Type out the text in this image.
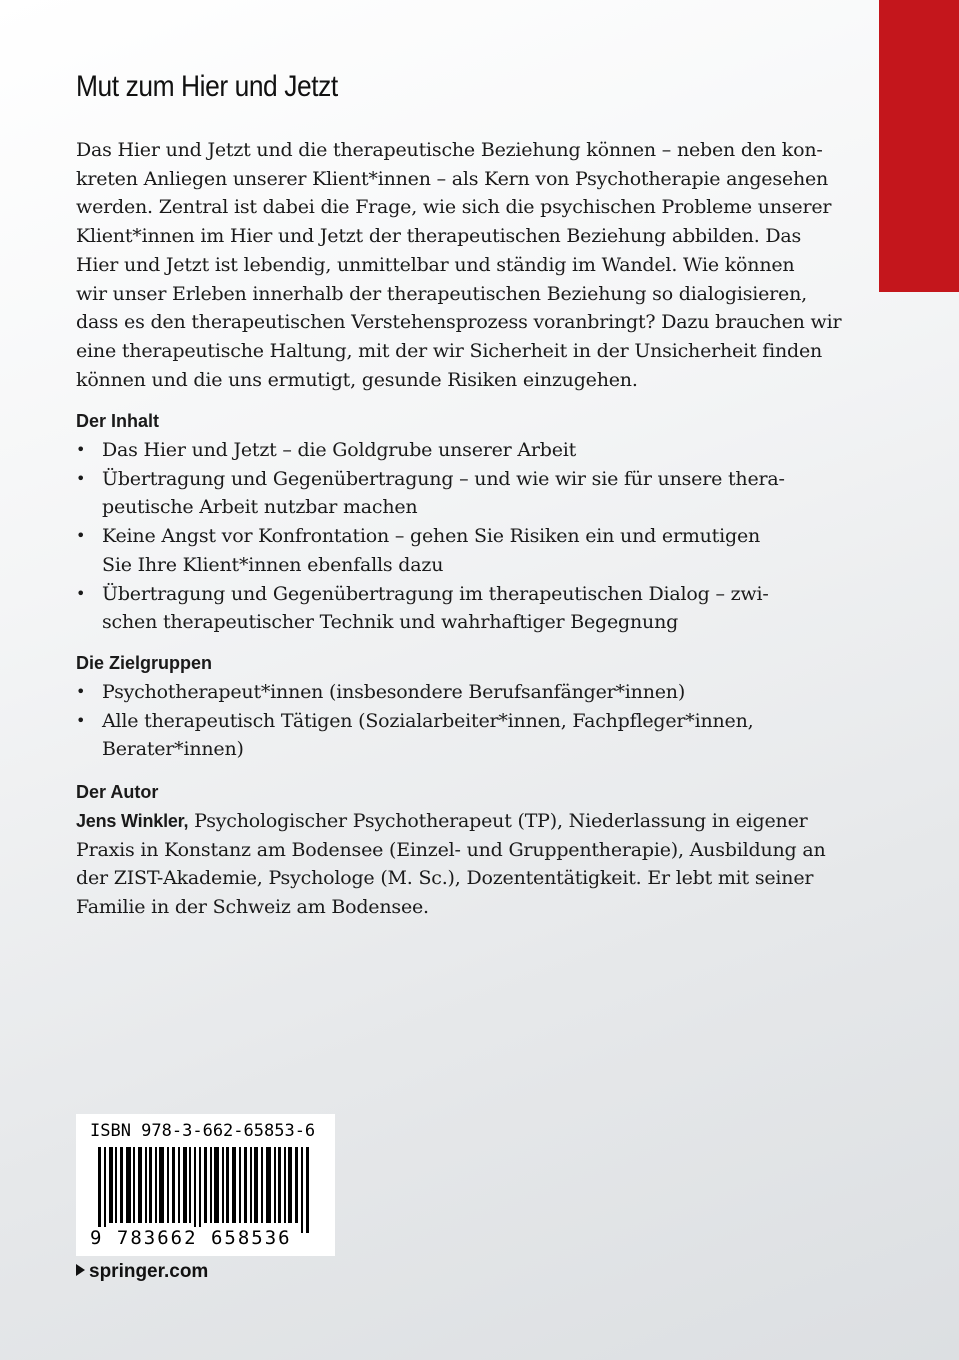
Mut zum Hier und Jetzt

Das Hier und Jetzt und die therapeutische Beziehung können – neben den kon-
kreten Anliegen unserer Klient*innen – als Kern von Psychotherapie angesehen
werden. Zentral ist dabei die Frage, wie sich die psychischen Probleme unserer
Klient*innen im Hier und Jetzt der therapeutischen Beziehung abbilden. Das
Hier und Jetzt ist lebendig, unmittelbar und ständig im Wandel. Wie können
wir unser Erleben innerhalb der therapeutischen Beziehung so dialogisieren,
dass es den therapeutischen Verstehensprozess voranbringt? Dazu brauchen wir
eine therapeutische Haltung, mit der wir Sicherheit in der Unsicherheit finden
können und die uns ermutigt, gesunde Risiken einzugehen.

Der Inhalt
• Das Hier und Jetzt – die Goldgrube unserer Arbeit
• Übertragung und Gegenübertragung – und wie wir sie für unsere thera-
peutische Arbeit nutzbar machen
• Keine Angst vor Konfrontation – gehen Sie Risiken ein und ermutigen
Sie Ihre Klient*innen ebenfalls dazu
• Übertragung und Gegenübertragung im therapeutischen Dialog – zwi-
schen therapeutischer Technik und wahrhaftiger Begegnung
Die Zielgruppen
• Psychotherapeut*innen (insbesondere Berufsanfänger*innen)
• Alle therapeutisch Tätigen (Sozialarbeiter*innen, Fachpfleger*innen,
Berater*innen)
Der Autor

Jens Winkler, Psychologischer Psychotherapeut (TP), Niederlassung in eigener
Praxis in Konstanz am Bodensee (Einzel- und Gruppentherapie), Ausbildung an
der ZIST-Akademie, Psychologe (M. Sc.), Dozententätigkeit. Er lebt mit seiner
Familie in der Schweiz am Bodensee.

ISBN 978-3-662-65853-6
9 783662 658536
springer.com
